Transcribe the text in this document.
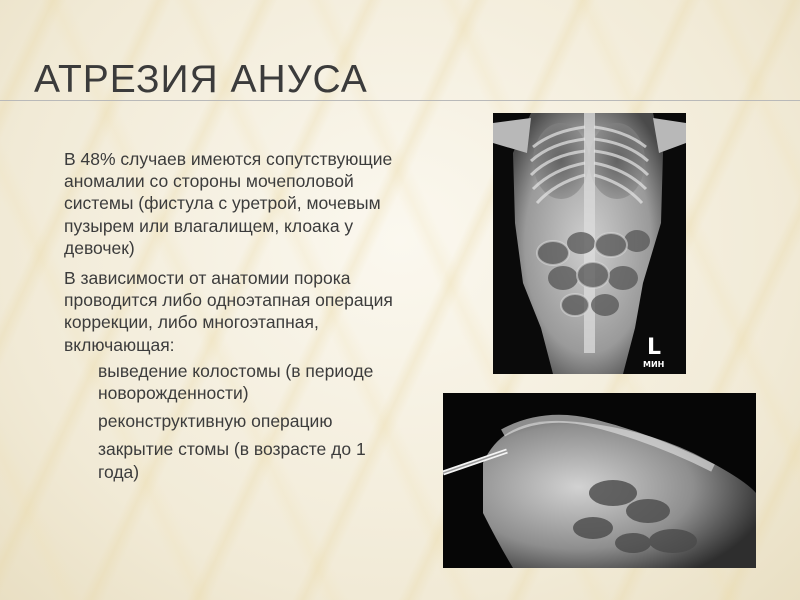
АТРЕЗИЯ АНУСА
В 48% случаев имеются сопутствующие аномалии со стороны мочеполовой системы (фистула с уретрой, мочевым пузырем или влагалищем, клоака у девочек)
В зависимости от анатомии порока проводится либо одноэтапная операция коррекции, либо многоэтапная, включающая:
выведение колостомы (в периоде новорожденности)
реконструктивную операцию
закрытие стомы (в возрасте до 1 года)
L
МИН
